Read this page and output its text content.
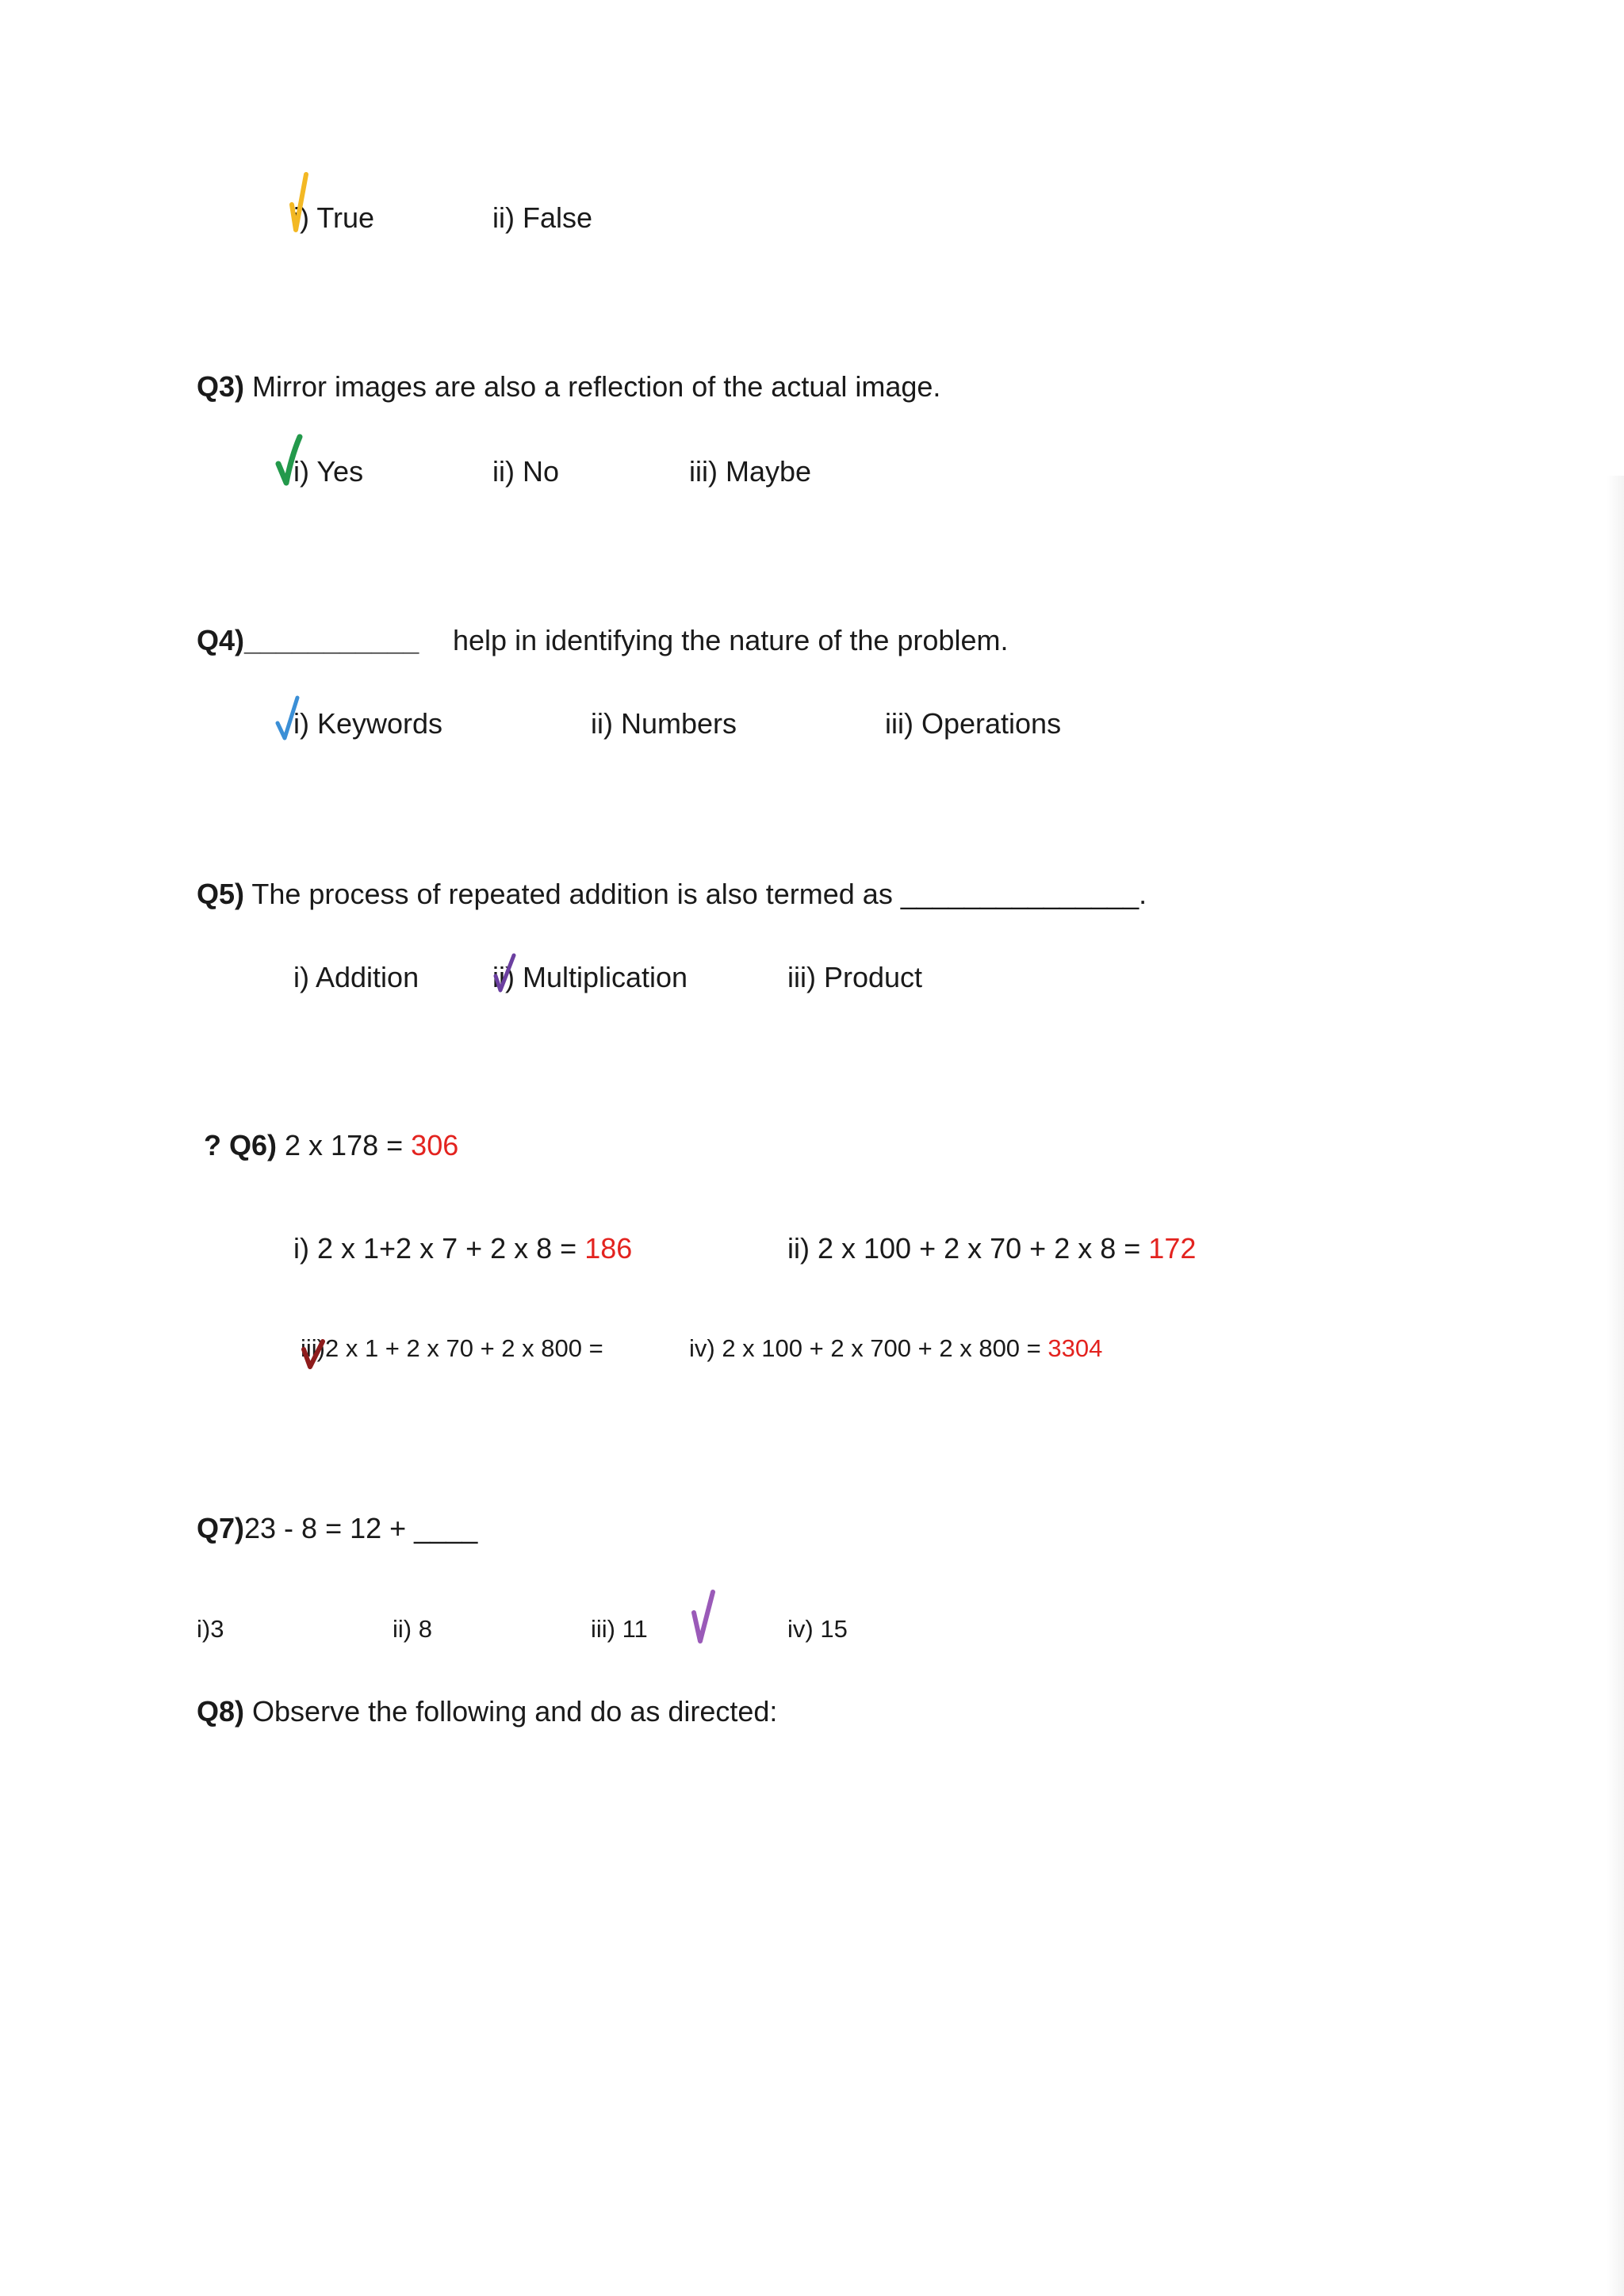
i) True	ii) False
Q3) Mirror images are also a reflection of the actual image.
i) Yes	ii) No	iii) Maybe
Q4)___________ help in identifying the nature of the problem.
i) Keywords	ii) Numbers	iii) Operations
Q5) The process of repeated addition is also termed as _______________.
i) Addition	ii) Multiplication	iii) Product
? Q6) 2 x 178 = 306
i) 2 x 1+2 x 7 + 2 x 8 = 186	ii) 2 x 100 + 2 x 70 + 2 x 8 = 172
iii)2 x 1 + 2 x 70 + 2 x 800 =	iv) 2 x 100 + 2 x 700 + 2 x 800 = 3304
Q7)23 - 8 = 12 + ____
i)3	ii) 8	iii) 11	iv) 15
Q8) Observe the following and do as directed:
